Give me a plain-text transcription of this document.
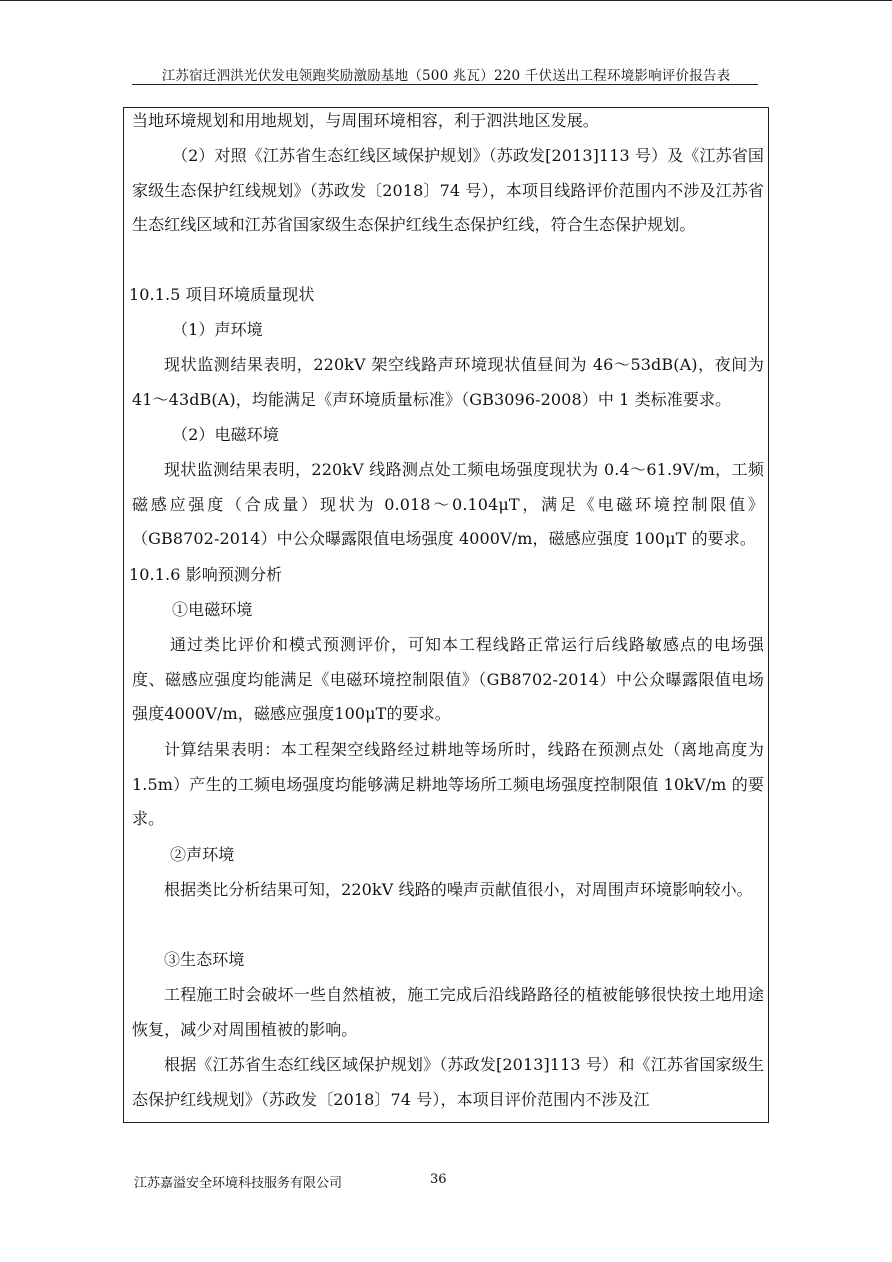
江苏宿迁泗洪光伏发电领跑奖励激励基地（500 兆瓦）220 千伏送出工程环境影响评价报告表
当地环境规划和用地规划，与周围环境相容，利于泗洪地区发展。
（2）对照《江苏省生态红线区域保护规划》（苏政发[2013]113 号）及《江苏省国家级生态保护红线规划》（苏政发〔2018〕74 号），本项目线路评价范围内不涉及江苏省生态红线区域和江苏省国家级生态保护红线生态保护红线，符合生态保护规划。
10.1.5 项目环境质量现状
（1）声环境
现状监测结果表明，220kV 架空线路声环境现状值昼间为 46～53dB(A)，夜间为 41～43dB(A)，均能满足《声环境质量标准》（GB3096-2008）中 1 类标准要求。
（2）电磁环境
现状监测结果表明，220kV 线路测点处工频电场强度现状为 0.4～61.9V/m，工频磁感应强度（合成量）现状为 0.018～0.104μT，满足《电磁环境控制限值》（GB8702-2014）中公众曝露限值电场强度 4000V/m，磁感应强度 100μT 的要求。
10.1.6 影响预测分析
①电磁环境
通过类比评价和模式预测评价，可知本工程线路正常运行后线路敏感点的电场强度、磁感应强度均能满足《电磁环境控制限值》（GB8702-2014）中公众曝露限值电场强度4000V/m，磁感应强度100μT的要求。
计算结果表明：本工程架空线路经过耕地等场所时，线路在预测点处（离地高度为 1.5m）产生的工频电场强度均能够满足耕地等场所工频电场强度控制限值 10kV/m 的要求。
②声环境
根据类比分析结果可知，220kV 线路的噪声贡献值很小，对周围声环境影响较小。
③生态环境
工程施工时会破坏一些自然植被，施工完成后沿线路路径的植被能够很快按土地用途恢复，减少对周围植被的影响。
根据《江苏省生态红线区域保护规划》（苏政发[2013]113 号）和《江苏省国家级生态保护红线规划》（苏政发〔2018〕74 号），本项目评价范围内不涉及江
江苏嘉溢安全环境科技服务有限公司	36
